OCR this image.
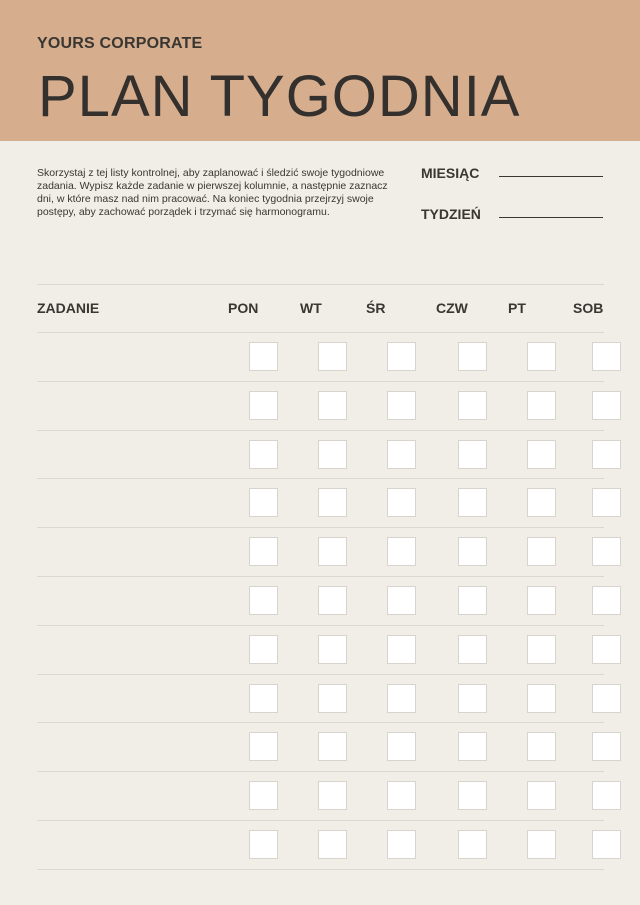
YOURS CORPORATE
PLAN TYGODNIA
Skorzystaj z tej listy kontrolnej, aby zaplanować i śledzić swoje tygodniowe zadania. Wypisz każde zadanie w pierwszej kolumnie, a następnie zaznacz dni, w które masz nad nim pracować. Na koniec tygodnia przejrzyj swoje postępy, aby zachować porządek i trzymać się harmonogramu.
MIESIĄC
TYDZIEŃ
ZADANIE	PON	WT	ŚR	CZW	PT	SOB
